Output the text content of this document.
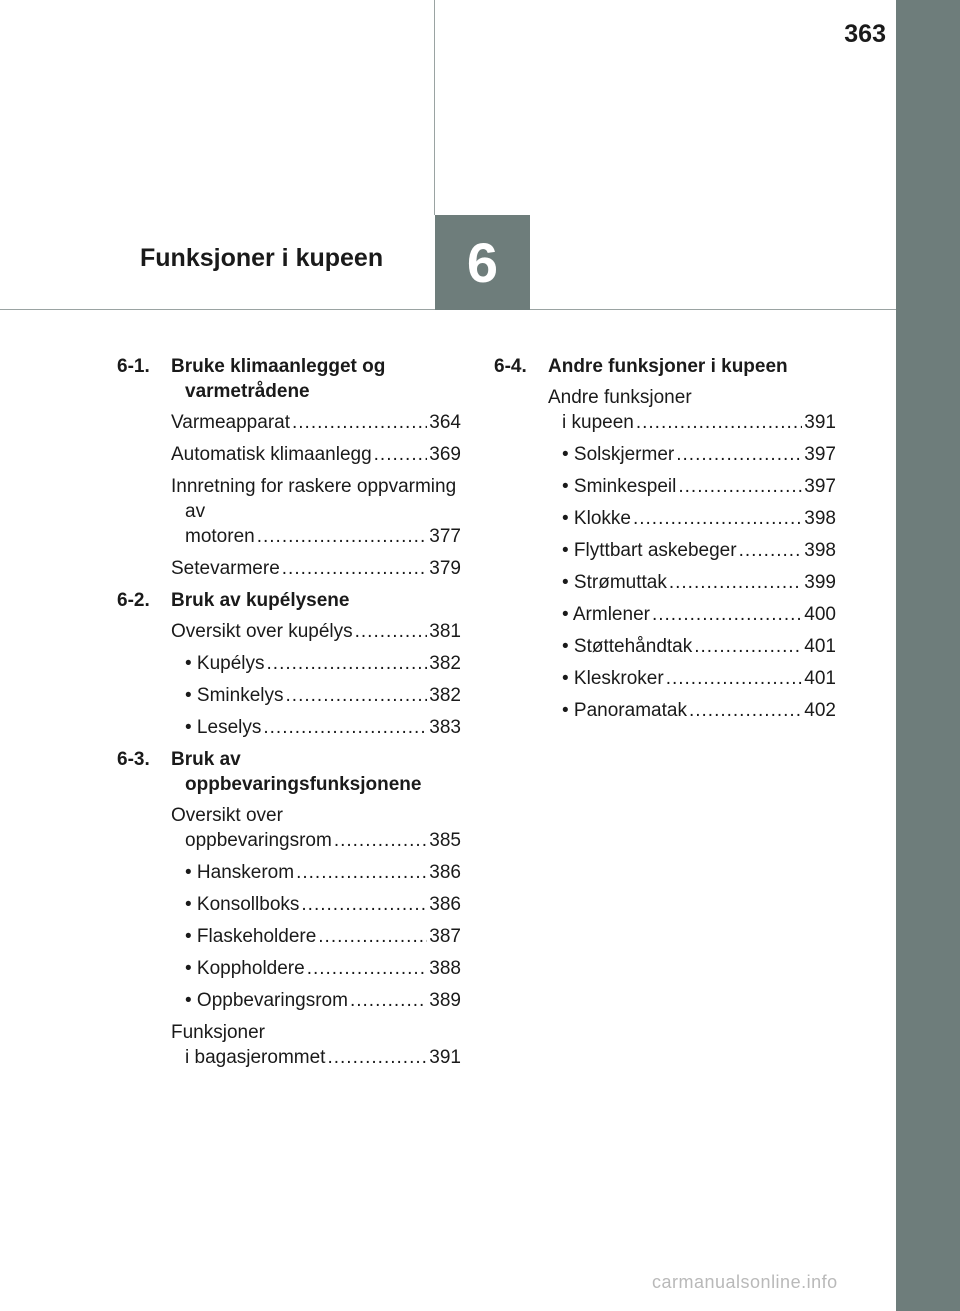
363
6
Funksjoner i kupeen
6-1. Bruke klimaanlegget og varmetrådene
Varmeapparat .....	364
Automatisk klimaanlegg .....	369
Innretning for raskere oppvarming av
motoren .....	377
Setevarmere .....	379
6-2. Bruk av kupélysene
Oversikt over kupélys .....	381
• Kupélys .....	382
• Sminkelys .....	382
• Leselys .....	383
6-3. Bruk av oppbevaringsfunksjonene
Oversikt over
oppbevaringsrom .....	385
• Hanskerom .....	386
• Konsollboks .....	386
• Flaskeholdere .....	387
• Koppholdere .....	388
• Oppbevaringsrom .....	389
Funksjoner
i bagasjerommet .....	391
6-4. Andre funksjoner i kupeen
Andre funksjoner
i kupeen .....	391
• Solskjermer .....	397
• Sminkespeil .....	397
• Klokke .....	398
• Flyttbart askebeger .....	398
• Strømuttak .....	399
• Armlener .....	400
• Støttehåndtak .....	401
• Kleskroker .....	401
• Panoramatak .....	402
carmanualsonline.info
